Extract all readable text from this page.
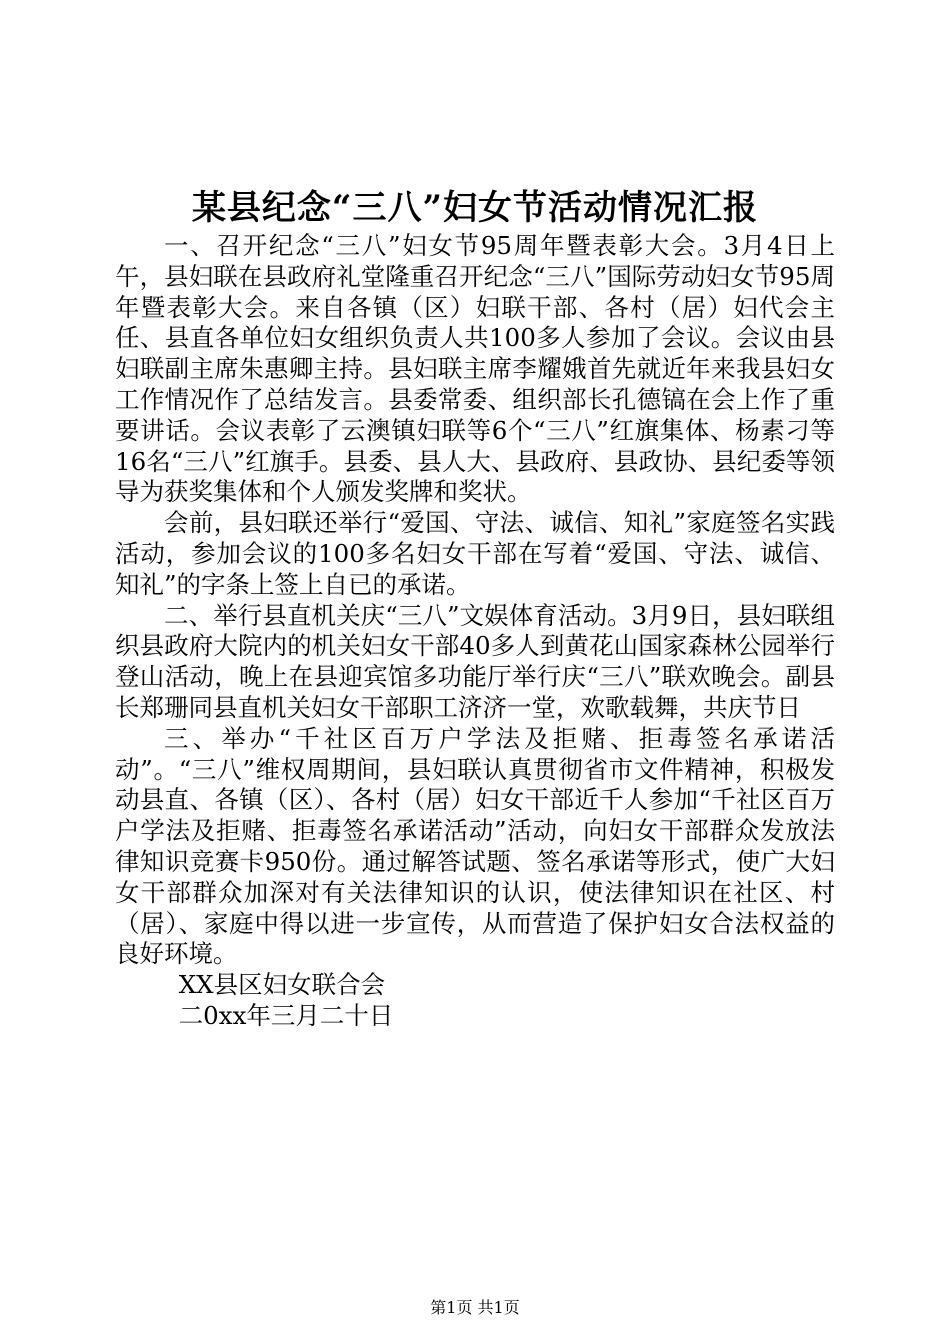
某县纪念“三八”妇女节活动情况汇报

一、召开纪念“三八”妇女节95周年暨表彰大会。3月4日上午，县妇联在县政府礼堂隆重召开纪念“三八”国际劳动妇女节95周年暨表彰大会。来自各镇（区）妇联干部、各村（居）妇代会主任、县直各单位妇女组织负责人共100多人参加了会议。会议由县妇联副主席朱惠卿主持。县妇联主席李耀娥首先就近年来我县妇女工作情况作了总结发言。县委常委、组织部长孔德镐在会上作了重要讲话。会议表彰了云澳镇妇联等6个“三八”红旗集体、杨素刁等16名“三八”红旗手。县委、县人大、县政府、县政协、县纪委等领导为获奖集体和个人颁发奖牌和奖状。

会前，县妇联还举行“爱国、守法、诚信、知礼”家庭签名实践活动，参加会议的100多名妇女干部在写着“爱国、守法、诚信、知礼”的字条上签上自已的承诺。

二、举行县直机关庆“三八”文娱体育活动。3月9日，县妇联组织县政府大院内的机关妇女干部40多人到黄花山国家森林公园举行登山活动，晚上在县迎宾馆多功能厅举行庆“三八”联欢晚会。副县长郑珊同县直机关妇女干部职工济济一堂，欢歌载舞，共庆节日

三、举办“千社区百万户学法及拒赌、拒毒签名承诺活动”。“三八”维权周期间，县妇联认真贯彻省市文件精神，积极发动县直、各镇（区）、各村（居）妇女干部近千人参加“千社区百万户学法及拒赌、拒毒签名承诺活动”活动，向妇女干部群众发放法律知识竞赛卡950份。通过解答试题、签名承诺等形式，使广大妇女干部群众加深对有关法律知识的认识，使法律知识在社区、村（居）、家庭中得以进一步宣传，从而营造了保护妇女合法权益的良好环境。

XX县区妇女联合会

二0xx年三月二十日

第1页 共1页
